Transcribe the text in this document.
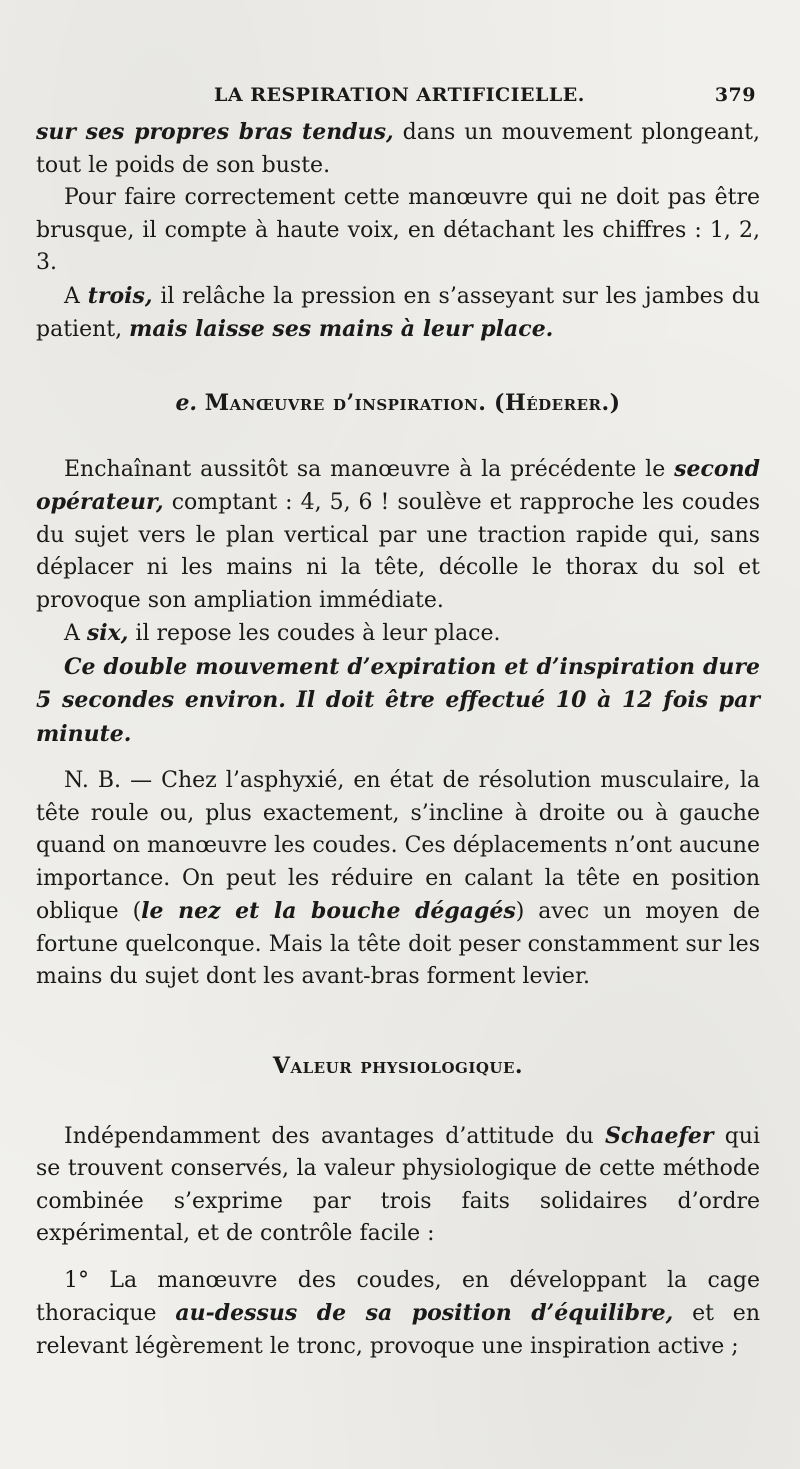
LA RESPIRATION ARTIFICIELLE.	379

sur ses propres bras tendus, dans un mouvement plongeant, tout le poids de son buste.

Pour faire correctement cette manœuvre qui ne doit pas être brusque, il compte à haute voix, en détachant les chiffres : 1, 2, 3.

A trois, il relâche la pression en s’asseyant sur les jambes du patient, mais laisse ses mains à leur place.

e. Manœuvre d’inspiration. (Héderer.)

Enchaînant aussitôt sa manœuvre à la précédente le second opérateur, comptant : 4, 5, 6 ! soulève et rapproche les coudes du sujet vers le plan vertical par une traction rapide qui, sans déplacer ni les mains ni la tête, décolle le thorax du sol et provoque son ampliation immédiate.

A six, il repose les coudes à leur place.

Ce double mouvement d’expiration et d’inspiration dure 5 secondes environ. Il doit être effectué 10 à 12 fois par minute.

N. B. — Chez l’asphyxié, en état de résolution musculaire, la tête roule ou, plus exactement, s’incline à droite ou à gauche quand on manœuvre les coudes. Ces déplacements n’ont aucune importance. On peut les réduire en calant la tête en position oblique (le nez et la bouche dégagés) avec un moyen de fortune quelconque. Mais la tête doit peser constamment sur les mains du sujet dont les avant-bras forment levier.

Valeur physiologique.

Indépendamment des avantages d’attitude du Schaefer qui se trouvent conservés, la valeur physiologique de cette méthode combinée s’exprime par trois faits solidaires d’ordre expérimental, et de contrôle facile :

1° La manœuvre des coudes, en développant la cage thoracique au-dessus de sa position d’équilibre, et en relevant légèrement le tronc, provoque une inspiration active ;
